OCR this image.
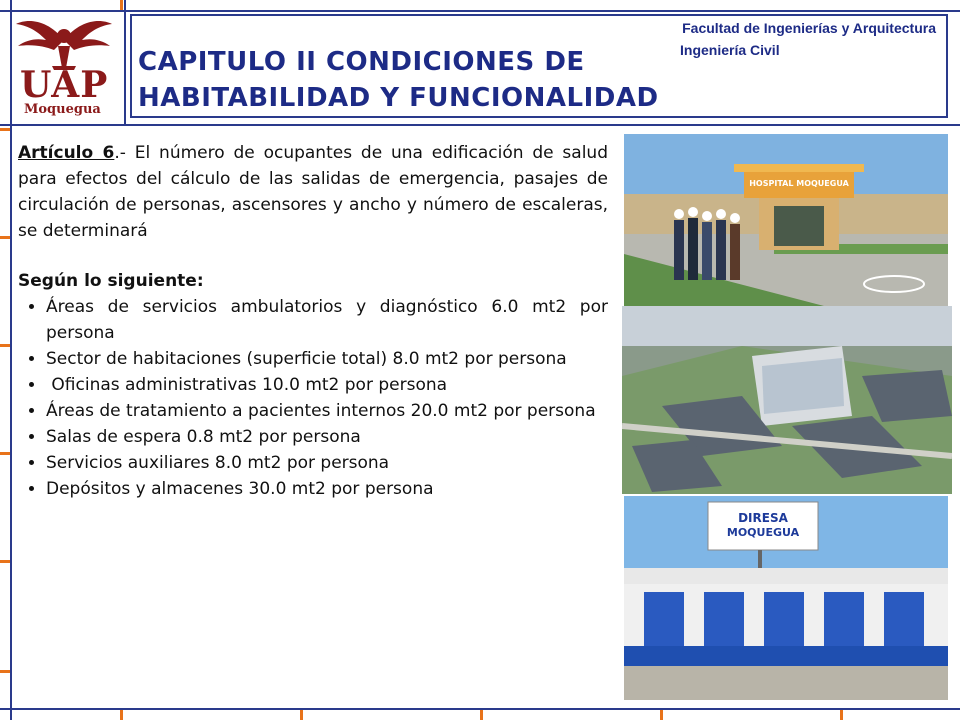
UAP
Moquegua
Facultad de Ingenierías y Arquitectura
Ingeniería Civil
CAPITULO II CONDICIONES DE HABITABILIDAD Y FUNCIONALIDAD
Artículo 6.- El número de ocupantes de una edificación de salud para efectos del cálculo de las salidas de emergencia, pasajes de circulación de personas, ascensores y ancho y número de escaleras, se determinará
Según lo siguiente:
• Áreas de servicios ambulatorios y diagnóstico 6.0 mt2 por persona
• Sector de habitaciones (superficie total) 8.0 mt2 por persona
•  Oficinas administrativas 10.0 mt2 por persona
• Áreas de tratamiento a pacientes internos 20.0 mt2 por persona
• Salas de espera 0.8 mt2 por persona
• Servicios auxiliares 8.0 mt2 por persona
• Depósitos y almacenes 30.0 mt2 por persona
HOSPITAL MOQUEGUA
DIRESA
MOQUEGUA
